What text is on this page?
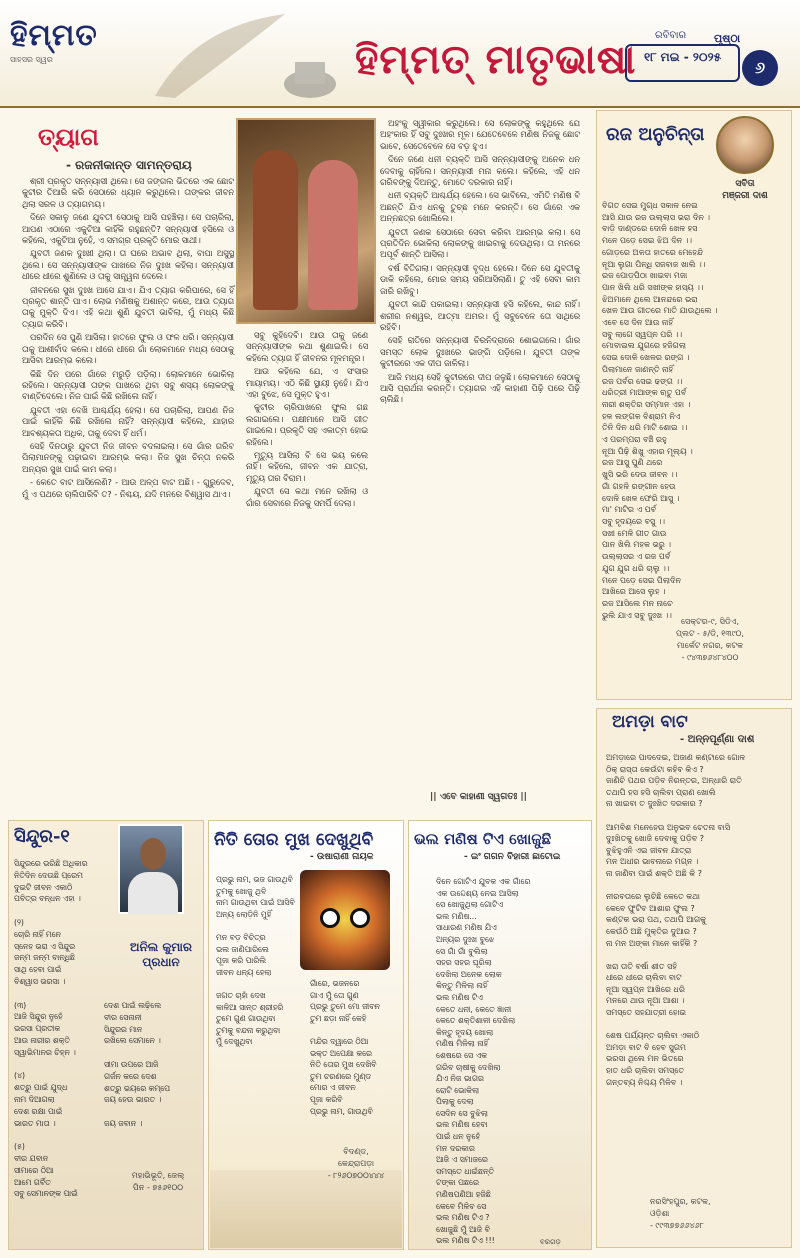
ହିମ୍ମତ
ସାହସର ସ୍ୱର	ହିମ୍ମତ୍ ମାତୃଭାଷା
ରବିବାର
୧୮ ମଇ - ୨୦୨୫
ପୃଷ୍ଠା
୬
ତ୍ୟାଗ
- ରଜନୀକାନ୍ତ ସାମନ୍ତରାୟ

ଶ୍ରୀ ପ୍ରକୃତ ସନ୍ନ୍ୟାସୀ ଥିଲେ। ସେ ଜଙ୍ଗଲ ଭିତରେ ଏକ ଛୋଟ କୁଟୀର ତିଆରି କରି ସେଠାରେ ଧ୍ୟାନ କରୁଥିଲେ। ତାଙ୍କର ଜୀବନ ଥିଲା ସରଳ ଓ ତ୍ୟାଗମୟ।

ଦିନେ ସକାଳୁ ଜଣେ ଯୁବତୀ ସେଠାକୁ ଆସି ପହଞ୍ଚିଲା। ସେ ପଚାରିଲା, ଆପଣ ଏଠାରେ ଏକୁଟିଆ କାହିଁକି ରହୁଛନ୍ତି? ସନ୍ନ୍ୟାସୀ ହସିଲେ ଓ କହିଲେ, ଏକୁଟିଆ ନୁହେଁ, ଏ ସମଗ୍ର ପ୍ରକୃତି ମୋର ସାଥୀ।

ଯୁବତୀ ଜଣକ ଦୁଃଖୀ ଥିଲା। ତା ଘରେ ଅଭାବ ଥିଲା, ବାପା ଅସୁସ୍ଥ ଥିଲେ। ସେ ସନ୍ନ୍ୟାସୀଙ୍କ ପାଖରେ ନିଜ ଦୁଃଖ କହିଲା। ସନ୍ନ୍ୟାସୀ ଧୀରେ ଧୀରେ ଶୁଣିଲେ ଓ ତାକୁ ସାନ୍ତ୍ୱନା ଦେଲେ।

ଜୀବନରେ ସୁଖ ଦୁଃଖ ଆସେ ଯାଏ। ଯିଏ ତ୍ୟାଗ କରିପାରେ, ସେ ହିଁ ପ୍ରକୃତ ଶାନ୍ତି ପାଏ। ଲୋଭ ମଣିଷକୁ ଅଶାନ୍ତ କରେ, ଆଉ ତ୍ୟାଗ ତାକୁ ମୁକ୍ତି ଦିଏ। ଏହି କଥା ଶୁଣି ଯୁବତୀ ଭାବିଲା, ମୁଁ ମଧ୍ୟ କିଛି ତ୍ୟାଗ କରିବି।

ପରଦିନ ସେ ପୁଣି ଆସିଲା। ହାତରେ ଫୁଲ ଓ ଫଳ ଧରି। ସନ୍ନ୍ୟାସୀ ତାକୁ ଆଶୀର୍ବାଦ କଲେ। ଧୀରେ ଧୀରେ ଗାଁ ଲୋକମାନେ ମଧ୍ୟ ସେଠାକୁ ଆସିବା ଆରମ୍ଭ କଲେ।

କିଛି ଦିନ ପରେ ଗାଁରେ ମରୁଡ଼ି ପଡ଼ିଲା। ଲୋକମାନେ ଭୋକିଲା ରହିଲେ। ସନ୍ନ୍ୟାସୀ ତାଙ୍କ ପାଖରେ ଥିବା ସବୁ ଶସ୍ୟ ଲୋକଙ୍କୁ ବାଣ୍ଟିଦେଲେ। ନିଜ ପାଇଁ କିଛି ରଖିଲେ ନାହିଁ।

ଯୁବତୀ ଏହା ଦେଖି ଆଶ୍ଚର୍ଯ୍ୟ ହେଲା। ସେ ପଚାରିଲା, ଆପଣ ନିଜ ପାଇଁ କାହିଁକି କିଛି ରଖିଲେ ନାହିଁ? ସନ୍ନ୍ୟାସୀ କହିଲେ, ଯାହାର ଆବଶ୍ୟକତା ଅଧିକ, ତାକୁ ଦେବା ହିଁ ଧର୍ମ।

ସେହି ଦିନଠାରୁ ଯୁବତୀ ନିଜ ଜୀବନ ବଦଳାଇଲା। ସେ ଗାଁର ଗରିବ ପିଲାମାନଙ୍କୁ ପଢ଼ାଇବା ଆରମ୍ଭ କଲା। ନିଜ ସୁଖ ଚିନ୍ତା ନକରି ଅନ୍ୟର ସୁଖ ପାଇଁ କାମ କଲା।

- କେତେ ବାଟ ଆସିଲେଣି? - ଆଉ ଅଳ୍ପ ବାଟ ଅଛି। - ଗୁରୁଦେବ, ମୁଁ ଏ ପଥରେ ଚାଲିପାରିବି ତ? - ନିଶ୍ଚୟ, ଯଦି ମନରେ ବିଶ୍ୱାସ ଥାଏ।

ସବୁ କୁହିଦେବି। ଆଉ ତାକୁ ଜଣେ ସନ୍ନ୍ୟାସୀଙ୍କ କଥା ଶୁଣାଇଲି। ସେ କହିଲେ ତ୍ୟାଗ ହିଁ ଜୀବନର ମୂଳମନ୍ତ୍ର।

ଆଉ କହିଲେ ଯେ, ଏ ସଂସାର ମାୟାମୟ। ଏଠି କିଛି ସ୍ଥାୟୀ ନୁହେଁ। ଯିଏ ଏହା ବୁଝେ, ସେ ମୁକ୍ତ ହୁଏ।

କୁଟୀର ଚାରିପାଖରେ ଫୁଲ ଗଛ ଲଗାଇଲେ। ପକ୍ଷୀମାନେ ଆସି ଗୀତ ଗାଇଲେ। ପ୍ରକୃତି ସହ ଏକାତ୍ମ ହୋଇ ରହିଲେ।

ମୃତ୍ୟୁ ଆସିଲା ବି ସେ ଭୟ କଲେ ନାହିଁ। କହିଲେ, ଜୀବନ ଏକ ଯାତ୍ରା, ମୃତ୍ୟୁ ତାର ବିରାମ।

ଯୁବତୀ ସେ କଥା ମନେ ରଖିଲା ଓ ଗାଁର ସେବାରେ ନିଜକୁ ସମର୍ପି ଦେଲା।

ଅହଂକୁ ସ୍ୱୀକାର କରୁଥିଲେ। ସେ ଲୋକଙ୍କୁ କହୁଥିଲେ ଯେ ଅହଂକାର ହିଁ ସବୁ ଦୁଃଖର ମୂଳ। ଯେତେବେଳେ ମଣିଷ ନିଜକୁ ଛୋଟ ଭାବେ, ସେତେବେଳେ ସେ ବଡ଼ ହୁଏ।

ଦିନେ ଜଣେ ଧନୀ ବ୍ୟକ୍ତି ଆସି ସନ୍ନ୍ୟାସୀଙ୍କୁ ଅନେକ ଧନ ଦେବାକୁ ଚାହିଁଲେ। ସନ୍ନ୍ୟାସୀ ମନା କଲେ। କହିଲେ, ଏହି ଧନ ଗରିବଙ୍କୁ ଦିଅନ୍ତୁ, ମୋତେ ଦରକାର ନାହିଁ।

ଧନୀ ବ୍ୟକ୍ତି ଆଶ୍ଚର୍ଯ୍ୟ ହେଲେ। ସେ ଭାବିଲେ, ଏମିତି ମଣିଷ ବି ଅଛନ୍ତି ଯିଏ ଧନକୁ ତୁଚ୍ଛ ମନେ କରନ୍ତି। ସେ ଗାଁରେ ଏକ ଅନ୍ନଛତ୍ର ଖୋଲିଲେ।

ଯୁବତୀ ଜଣକ ସେଠାରେ ସେବା କରିବା ଆରମ୍ଭ କଲା। ସେ ପ୍ରତିଦିନ ଭୋକିଲା ଲୋକଙ୍କୁ ଖାଇବାକୁ ଦେଉଥିଲା। ତା ମନରେ ଅପୂର୍ବ ଶାନ୍ତି ଆସିଲା।

ବର୍ଷ ବିତିଗଲା। ସନ୍ନ୍ୟାସୀ ବୃଦ୍ଧ ହେଲେ। ଦିନେ ସେ ଯୁବତୀକୁ ଡାକି କହିଲେ, ମୋର ସମୟ ସରିଆସିଲାଣି। ତୁ ଏହି ସେବା କାମ ଜାରି ରଖିବୁ।

ଯୁବତୀ କାନ୍ଦି ପକାଇଲା। ସନ୍ନ୍ୟାସୀ ହସି କହିଲେ, କାନ୍ଦ ନାହିଁ। ଶରୀର ନଶ୍ୱର, ଆତ୍ମା ଅମର। ମୁଁ ସବୁବେଳେ ତୋ ସାଥିରେ ରହିବି।

ସେହି ରାତିରେ ସନ୍ନ୍ୟାସୀ ଚିରନିଦ୍ରାରେ ଶୋଇଗଲେ। ଗାଁର ସମସ୍ତ ଲୋକ ଦୁଃଖରେ ଭାଙ୍ଗି ପଡ଼ିଲେ। ଯୁବତୀ ତାଙ୍କ କୁଟୀରରେ ଏକ ଦୀପ ଜାଳିଲା।

ଆଜି ମଧ୍ୟ ସେହି କୁଟୀରରେ ଦୀପ ଜଳୁଛି। ଲୋକମାନେ ସେଠାକୁ ଆସି ପ୍ରାର୍ଥନା କରନ୍ତି। ତ୍ୟାଗର ଏହି କାହାଣୀ ପିଢ଼ି ପରେ ପିଢ଼ି ଚାଲିଛି।

|| ଏବେ କାହାଣୀ ସ୍ୱଗତଃ ||
ରଜ ଅନୁଚିନ୍ତା
ସବିତା
ମଞ୍ଜରୀ ଦାଶ
ବିଗତ ସେଇ ମୁଗ୍ଧ ସକାଳ ନେଇ
ଆସି ଯାଉ ରଜ ଉଲ୍ଲାସ ଭରା ଦିନ ।
ବାଡ଼ି ଦାଣ୍ଡରେ ଦୋଳି ଖେଳ ହସ
ମନେ ପଡ଼େ ସେଇ ଝିଅ ଦିନ ।।
ଗୋଡ଼ରେ ଅଳତା ହାତରେ ମେହେନ୍ଦି
ନୂଆ ଲୁଗା ପିନ୍ଧି ସଜବାଜ ଖାଲି ।।
ରଜ ପୋଡ଼ପିଠା ଖାଇବା ମଜା
ପାନ ଖିଲି ଧରି ସଖୀଙ୍କ ହାସ୍ୟ ।।
ଝିଅମାନେ ଥିଲେ ଆନନ୍ଦରେ ଭରା
ଖେଳ ଆଉ ଗୀତରେ ମାତି ଯାଉଥିଲେ ।
ଏବେ ସେ ଦିନ ଆଉ ନାହିଁ
ସବୁ ଲାଗେ ସ୍ୱପ୍ନ ପରି ।।
ମୋବାଇଲ ଯୁଗରେ ହଜିଗଲା
ସେଇ ଦୋଳି ଖେଳର ରଙ୍ଗ ।
ପିଲାମାନେ ଜାଣନ୍ତି ନାହିଁ
ରଜ ପର୍ବର ସେଇ ଢଙ୍ଗ ।।
ଧରିତ୍ରୀ ମାଆଙ୍କ ଋତୁ ପର୍ବ
ନାରୀ ଶକ୍ତିର ସମ୍ମାନ ଏହା ।
ହଳ ଲଙ୍ଗଳ ବିଶ୍ରାମ ନିଏ
ତିନି ଦିନ ଧରି ମାଟି ଶୋଇ ।।
ଏ ପରମ୍ପରା ବଞ୍ଚି ରହୁ
ନୂଆ ପିଢ଼ି ଶିଖୁ ଏହାର ମୂଲ୍ୟ ।
ରଜ ଆସୁ ପୁଣି ଥରେ
ଖୁସି ଭରି ଦେଉ ଜୀବନ ।।
ଗାଁ ଗହଳି ରଙ୍ଗୀନ ହେଉ
ଦୋଳି ଖେଳ ଫେରି ଆସୁ ।
ମା' ମାଟିର ଏ ପର୍ବ
ସବୁ ହୃଦୟରେ ବସୁ ।।
ସଖୀ ମେଳି ଗୀତ ଗାଉ
ପାନ ଖିଲି ମହକ ଭରୁ ।
ଉଲ୍ଲାସର ଏ ରଜ ପର୍ବ
ଯୁଗ ଯୁଗ ଧରି ଚାଲୁ ।।
ମନେ ପଡ଼େ ସେଇ ପିଲାଦିନ
ଆଖିରେ ଆସେ ଲୁହ ।
ରଜ ଆସିଲେ ମନ ନାଚେ
ଭୁଲି ଯାଏ ସବୁ ଦୁଃଖ ।।
ସେକ୍ଟର-୯, ସିଡିଏ,
ପ୍ଲଟ - ୫/ଡି, ୧୩୯୦,
ମାର୍କେଟ ନଗର, କଟକ
- ୯୪୩୭୬୪୮୪୦୦
ଅମଡ଼ା ବାଟ
- ଅନ୍ନପୂର୍ଣ୍ଣା ଦାଶ
ଅମଡ଼ାରେ ପାଦଦେଇ, ଅଜାଣ କଣ୍ଟାରେ ଗୋଳ
ଠିକ୍ ରାସ୍ତା କେଉଁଟା କହିବ କିଏ ?
ଜାଣିଚି ପଥର ପଡ଼ିବ ନିରନ୍ତର, ଅନ୍ଧାରି ରାତି
ତଥାପି ହସ ହସି ଚାଲିବା ପ୍ରାଣ ଖୋଲି
ନା ଖାଇବା ତ ଦୁଃଖିତ ଦରକାର ?

ଆମବିଶ ମନେହେଉ ଅନୁଭବ ଚେତନା ବାସି
ଦୁଃଖିତକୁ ଖୋଜି ଦେବାକୁ ପଡ଼ିବ ?
ବୁଝିହୁଏନି ଏଇ ଜୀବନ ଯାତ୍ରା
ମନ ଅଧୀର ଭାବନାରେ ମଗ୍ନ ।
ନା ଜାଣିବା ପାଇଁ ଶକ୍ତି ଅଛି କି ?

ନୀରବତାରେ ଲୁଚିଛି କେତେ କଥା
କେବେ ଫୁଟିବ ଆଶାର ଫୁଲ ?
କଣ୍ଟକ ଭରା ପଥ, ତଥାପି ଆଗକୁ
କେଉଁଠି ଅଛି ମୁକ୍ତିର ଦୁଆର ?
ନା ମନ ଅଙ୍କା ମାନେ କାହିଁକି ?

ଖରା ତାତି ବର୍ଷା ଶୀତ ସହି
ଧୀରେ ଧୀରେ ଚାଲିବା ବାଟ
ନୂଆ ସ୍ୱପ୍ନ ଆଖିରେ ଧରି
ମନରେ ଥାଉ ନୂଆ ଆଶା ।
ସମସ୍ତେ ସହଯାତ୍ରୀ ହୋଇ

ଶେଷ ପର୍ଯ୍ୟନ୍ତ ଚାଲିବା ଏକାଠି
ଅମଡ଼ା ବାଟ ବି ହେବ ସୁଗମ
ଭରସା ଥିଲେ ମନ ଭିତରେ
ହାତ ଧରି ଚାଲିବା ସମସ୍ତେ
ଗନ୍ତବ୍ୟ ନିଶ୍ଚୟ ମିଳିବ ।
ନରସିଂହପୁର, କଟକ,
ଓଡ଼ିଶା
- ୯୯୩୭୭୬୬୪୬୮
ସିନ୍ଦୁର-୧
ଅନିଲ କୁମାର
ପ୍ରଧାନ
ସିନ୍ଦୁରରେ ଭରିଛି ଅଧିକାର
ନିତିଦିନ ଦେଉଛି ପ୍ରେମ
ଦୁଇଟି ଜୀବନ ଏକାଠି
ପବିତ୍ର ବନ୍ଧନ ଏହା ।

(୨)
ଚୋରି ନାହିଁ ମନେ
ସ୍ନେହ ଭରା ଏ ସିନ୍ଦୁର
ଜନ୍ମ ଜନ୍ମ ବାନ୍ଧିଛି
ସାଥି ହେବା ପାଇଁ
ବିଶ୍ୱାସ ଭରସା ।

(୩)
ଆଜି ସିନ୍ଦୁର ନୁହେଁ
ଭରସା ପ୍ରତୀକ
ଆଉ ନାରୀର ଶକ୍ତି
ସ୍ୱାଭିମାନର ଚିହ୍ନ ।

(୪)
ଶତ୍ରୁ ପାଇଁ ଯୁଦ୍ଧ
ନାମ ଦିଆଗଲା
ଦେଶ ରକ୍ଷା ପାଇଁ
ଭାରତ ମାତା ।

(୫)
ବୀର ଯବାନ
ସୀମାରେ ଠିଆ
ଆମେ ଗର୍ବିତ
ସବୁ ସେମାନଙ୍କ ପାଇଁ
ଦେଶ ପାଇଁ ଲଢ଼ିଲେ
ବୀର ସେନାନୀ
ସିନ୍ଦୁରର ମାନ
ରଖିଲେ ସେମାନେ ।

ସୀମା ଉପରେ ଆଜି
ଗର୍ଜନ କରେ ଦେଶ
ଶତ୍ରୁ ଭୟରେ କମ୍ପେ
ଜୟ ହେଉ ଭାରତ ।

ଜୟ ଜବାନ ।
ମହାଭିଭୂତି, ଜେଲ୍
ପିନ - ୭୫୬୧୦୦
ନିତି ତୋର ମୁଖ ଦେଖୁଥିବି
- ଉଷାରାଣୀ ନାୟକ
ପ୍ରଭୁ ନାମ, ଭଜ ଗାଉଥିବି
ତୁମକୁ ଖୋଜୁ ଥିବି
ନାମ ଗାଉଥିବା ପାଇଁ ଆସିବି
ଅନ୍ୟ ଲୋଡ଼ିନି ମୁହିଁ

ମନ ବଡ଼ ବିଚିତ୍ର
ଭଲ ଜାଣିପାରିଲେ
ପୂଜା କରି ପାରିଲି
ଜୀବନ ଧନ୍ୟ ହେଲା

ଜଗତ ଚାହାଁ ଦେଖ
କାଳିଆ ସାନ୍ତ ଶ୍ରୀହରି
ତୁମେ ଗୁଣ ଗାଉଥିବା
ତୁମକୁ ବନ୍ଦନା କରୁଥିବା
ମୁଁ ଦେଖୁଥିବା
ଗାଁରେ, ଭଜନରେ
ଗାଏ ମୁଁ ତୋ ଗୁଣ
ପ୍ରଭୁ ତୁମେ ମୋ ଜୀବନ
ତୁମ ଛଡ଼ା ନାହିଁ କେହି

ମନ୍ଦିର ଦ୍ୱାରେ ଠିଆ
ଭକ୍ତ ଅପେକ୍ଷା କରେ
ନିତି ତୋର ମୁଖ ଦେଖିବି
ତୁମ ଚରଣରେ ମୁଣ୍ଡ
ମୋର ଏ ଜୀବନ
ପୂଜା କରିବି
ପ୍ରଭୁ ନାମ, ଗାଉଥିବି
ବିଦଣ୍ଡ,
କେନ୍ଦ୍ରାପଡ଼ା
- ୮୨୬୦୭୦୦୪୪୪
ଭଲ ମଣିଷ ଟିଏ ଖୋଜୁଛି
- ଇଂ ଗଗନ ବିହାରୀ ଛାଟୋଇ
ଦିନେ ଗୋଟିଏ ଯୁବକ ଏକ ଗାଁରେ
ଏକ ଉଦ୍ଦେଶ୍ୟ ନେଇ ଆସିଲା
ସେ ଖୋଜୁଥିଲା ଗୋଟିଏ
ଭଲ ମଣିଷ...
ସାଧାରଣ ମଣିଷ ଯିଏ
ଅନ୍ୟର ଦୁଃଖ ବୁଝେ
ସେ ଗାଁ ଗାଁ ବୁଲିଲା
ସହର ସହର ଘୂରିଲା
ଦେଖିଲା ଅନେକ ଲୋକ
କିନ୍ତୁ ମିଳିଲା ନାହିଁ
ଭଲ ମଣିଷ ଟିଏ
କେତେ ଧନୀ, କେତେ ଜ୍ଞାନୀ
କେତେ ଶକ୍ତିଶାଳୀ ଦେଖିଲା
କିନ୍ତୁ ହୃଦୟ ଖୋଲା
ମଣିଷ ମିଳିଲା ନାହିଁ
ଶେଷରେ ସେ ଏକ
ଗରିବ ଚାଷୀକୁ ଦେଖିଲା
ଯିଏ ନିଜ ଭାଗର
ରୋଟି ଭୋକିଲା
ପିଲାକୁ ଦେଲା
ସେଦିନ ସେ ବୁଝିଲା
ଭଲ ମଣିଷ ହେବା
ପାଇଁ ଧନ ନୁହେଁ
ମନ ଦରକାର
ଆଜି ଏ ସମାଜରେ
ସମସ୍ତେ ଧାଇଁଛନ୍ତି
ଟଙ୍କା ପଛରେ
ମଣିଷପଣିଆ ହଜିଛି
କେବେ ମିଳିବ ସେ
ଭଲ ମଣିଷ ଟିଏ ?
ଖୋଜୁଛି ମୁଁ ଆଜି ବି
ଭଲ ମଣିଷ ଟିଏ !!!	ବରଗଡ଼
